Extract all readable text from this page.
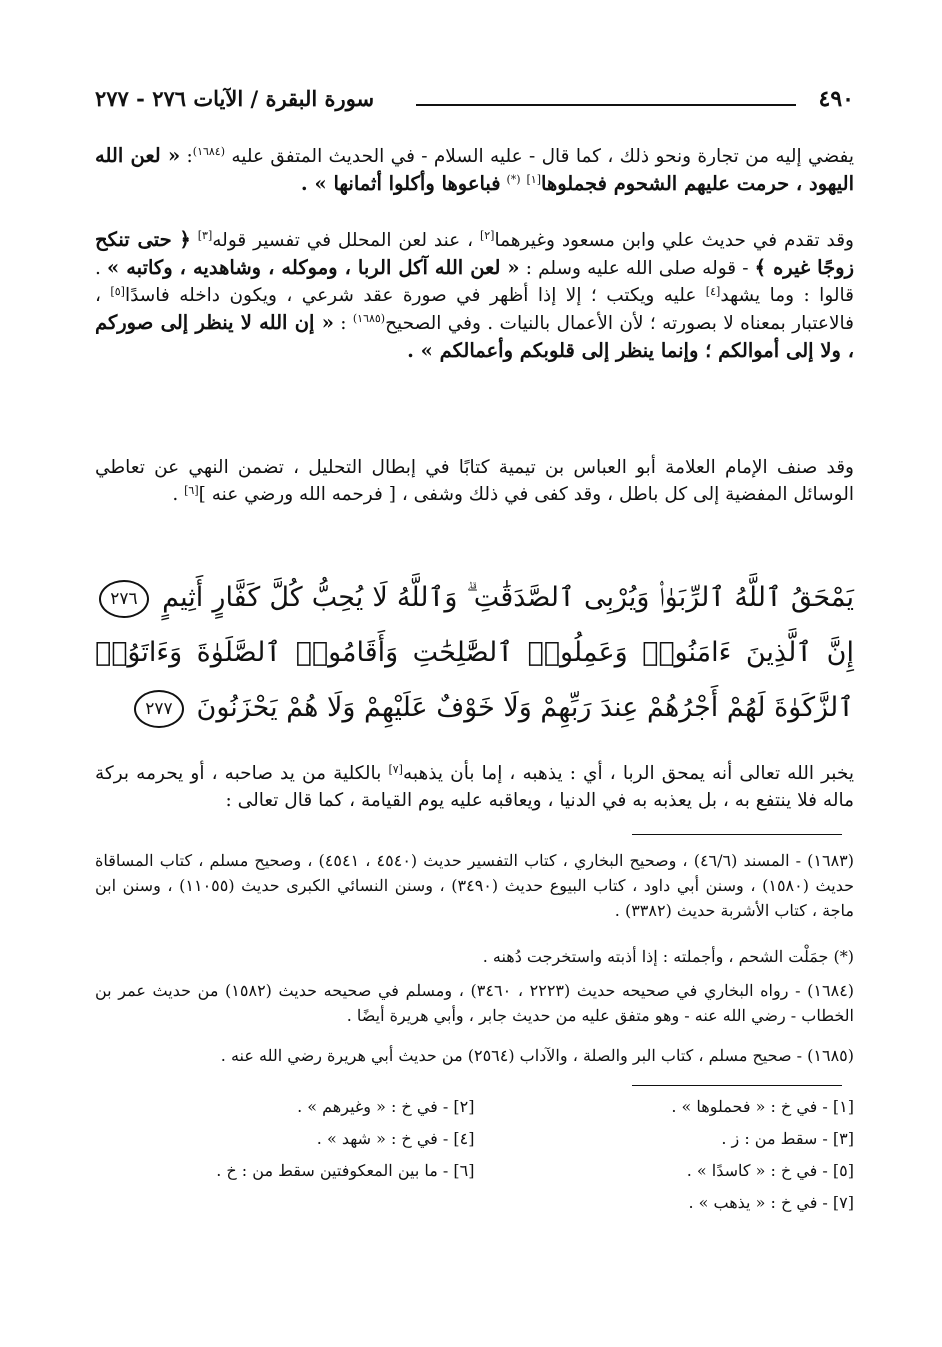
٤٩٠
سورة البقرة / الآيات ٢٧٦ - ٢٧٧
يفضي إليه من تجارة ونحو ذلك ، كما قال - عليه السلام - في الحديث المتفق عليه $^{(١٦٨٤)}$: « لعن الله اليهود ، حرمت عليهم الشحوم فجملوها[١] (*) فباعوها وأكلوا أثمانها » .
وقد تقدم في حديث علي وابن مسعود وغيرهما[٢] ، عند لعن المحلل في تفسير قوله[٣] ﴿ حتى تنكح زوجًا غيره ﴾ - قوله صلى الله عليه وسلم : « لعن الله آكل الربا ، وموكله ، وشاهديه ، وكاتبه » . قالوا : وما يشهد[٤] عليه ويكتب ؛ إلا إذا أظهر في صورة عقد شرعي ، ويكون داخله فاسدًا[٥] ، فالاعتبار بمعناه لا بصورته ؛ لأن الأعمال بالنيات . وفي الصحيح$^{(١٦٨٥)}$ : « إن الله لا ينظر إلى صوركم ، ولا إلى أموالكم ؛ وإنما ينظر إلى قلوبكم وأعمالكم » .
وقد صنف الإمام العلامة أبو العباس بن تيمية كتابًا في إبطال التحليل ، تضمن النهي عن تعاطي الوسائل المفضية إلى كل باطل ، وقد كفى في ذلك وشفى ، [ فرحمه الله ورضي عنه ][٦] .
يَمْحَقُ ٱللَّهُ ٱلرِّبَوٰا۟ وَيُرْبِى ٱلصَّدَقَٰتِ ۗ وَٱللَّهُ لَا يُحِبُّ كُلَّ كَفَّارٍ أَثِيمٍ ٢٧٦ إِنَّ ٱلَّذِينَ ءَامَنُوا۟ وَعَمِلُوا۟ ٱلصَّٰلِحَٰتِ وَأَقَامُوا۟ ٱلصَّلَوٰةَ وَءَاتَوُا۟ ٱلزَّكَوٰةَ لَهُمْ أَجْرُهُمْ عِندَ رَبِّهِمْ وَلَا خَوْفٌ عَلَيْهِمْ وَلَا هُمْ يَحْزَنُونَ ٢٧٧
يخبر الله تعالى أنه يمحق الربا ، أي : يذهبه ، إما بأن يذهبه[٧] بالكلية من يد صاحبه ، أو يحرمه بركة ماله فلا ينتفع به ، بل يعذبه به في الدنيا ، ويعاقبه عليه يوم القيامة ، كما قال تعالى :
(١٦٨٣) - المسند (٤٦/٦) ، وصحيح البخاري ، كتاب التفسير حديث (٤٥٤٠ ، ٤٥٤١) ، وصحيح مسلم ، كتاب المساقاة حديث (١٥٨٠) ، وسنن أبي داود ، كتاب البيوع حديث (٣٤٩٠) ، وسنن النسائي الكبرى حديث (١١٠٥٥) ، وسنن ابن ماجة ، كتاب الأشربة حديث (٣٣٨٢) .
(*) جمَلْت الشحم ، وأجملته : إذا أذبته واستخرجت دُهنه .
(١٦٨٤) - رواه البخاري في صحيحه حديث (٢٢٢٣ ، ٣٤٦٠) ، ومسلم في صحيحه حديث (١٥٨٢) من حديث عمر بن الخطاب - رضي الله عنه - وهو متفق عليه من حديث جابر ، وأبي هريرة أيضًا .
(١٦٨٥) - صحيح مسلم ، كتاب البر والصلة ، والآداب (٢٥٦٤) من حديث أبي هريرة رضي الله عنه .
[١] - في خ : « فحملوها » .
[٢] - في خ : « وغيرهم » .
[٣] - سقط من : ز .
[٤] - في خ : « شهد » .
[٥] - في خ : « كاسدًا » .
[٦] - ما بين المعكوفتين سقط من : خ .
[٧] - في خ : « يذهب » .
